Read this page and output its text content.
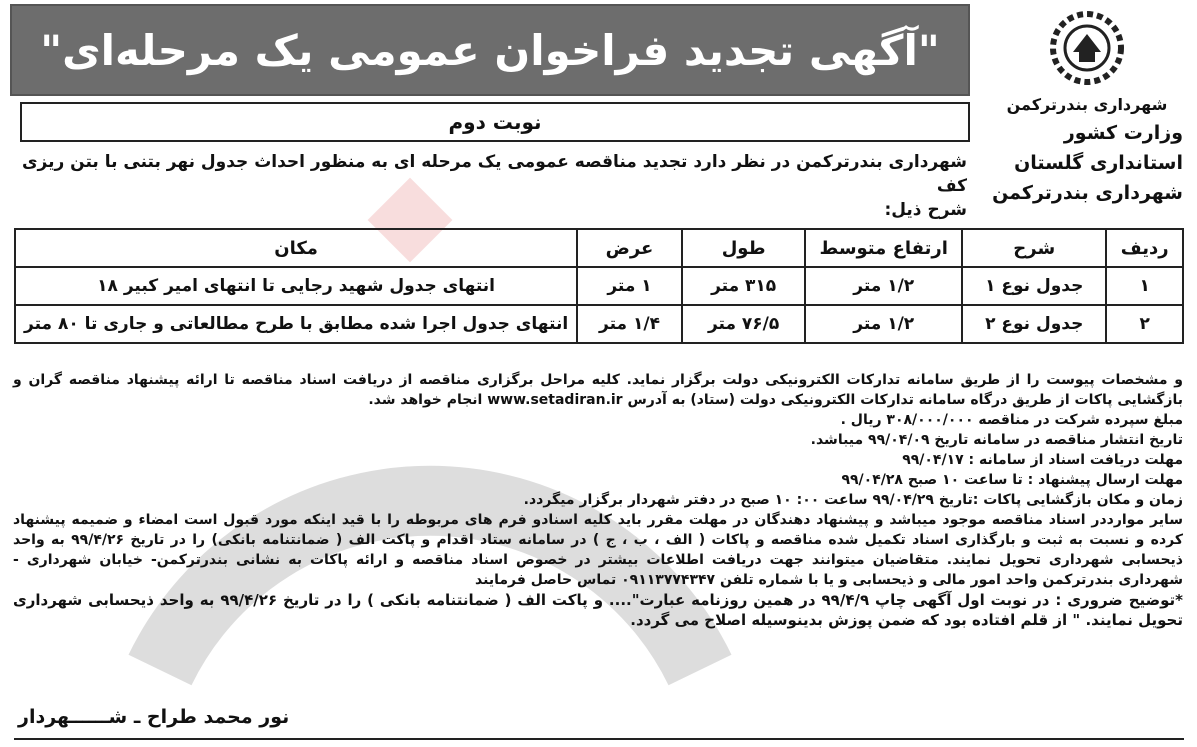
"آگهی تجدید فراخوان عمومی یک مرحله‌ای"
نوبت دوم
شهرداری بندرترکمن
وزارت کشور
استانداری گلستان
شهرداری بندرترکمن
شهرداری بندرترکمن در نظر دارد تجدید مناقصه عمومی یک مرحله ای به منظور احداث جدول نهر بتنی با بتن ریزی کف
شرح ذیل:
ردیف	شرح	ارتفاع متوسط	طول	عرض	مکان
۱	جدول نوع ۱	۱/۲ متر	۳۱۵ متر	۱ متر	انتهای جدول شهید رجایی تا انتهای امیر کبیر ۱۸
۲	جدول نوع ۲	۱/۲ متر	۷۶/۵ متر	۱/۴ متر	انتهای جدول اجرا شده مطابق با طرح مطالعاتی و جاری تا ۸۰ متر

و مشخصات پیوست را از طریق سامانه تدارکات الکترونیکی دولت برگزار نماید. کلیه مراحل برگزاری مناقصه از دریافت اسناد مناقصه تا ارائه پیشنهاد مناقصه گران و بازگشایی پاکات از طریق درگاه سامانه تدارکات الکترونیکی دولت (ستاد) به آدرس www.setadiran.ir انجام خواهد شد.

مبلغ سپرده شرکت در مناقصه ۳۰۸/۰۰۰/۰۰۰ ریال .

تاریخ انتشار مناقصه در سامانه تاریخ ۹۹/۰۴/۰۹ میباشد.

مهلت دریافت اسناد از سامانه : ۹۹/۰۴/۱۷

مهلت ارسال پیشنهاد : تا ساعت ۱۰ صبح ۹۹/۰۴/۲۸

زمان و مکان بازگشایی پاکات :تاریخ ۹۹/۰۴/۲۹ ساعت ۰۰: ۱۰ صبح در دفتر شهردار برگزار میگردد.

سایر موارددر اسناد مناقصه موجود میباشد و پیشنهاد دهندگان در مهلت مقرر باید کلیه اسنادو فرم های مربوطه را با قید اینکه مورد قبول است امضاء و ضمیمه پیشنهاد کرده و نسبت به ثبت و بارگذاری اسناد تکمیل شده مناقصه و پاکات ( الف ، ب ، ج ) در سامانه ستاد اقدام و پاکت الف ( ضمانتنامه بانکی) را در تاریخ ۹۹/۴/۲۶ به واحد ذیحسابی شهرداری تحویل نمایند. متقاضیان میتوانند جهت دریافت اطلاعات بیشتر در خصوص اسناد مناقصه و ارائه پاکات به نشانی بندرترکمن- خیابان شهرداری - شهرداری بندرترکمن واحد امور مالی و ذیحسابی و یا با شماره تلفن ۰۹۱۱۳۷۷۴۳۴۷ تماس حاصل فرمایند

*توضیح ضروری : در نوبت اول آگهی چاپ ۹۹/۴/۹ در همین روزنامه عبارت".... و پاکت الف ( ضمانتنامه بانکی ) را در تاریخ ۹۹/۴/۲۶ به واحد ذیحسابی شهرداری تحویل نمایند. " از قلم افتاده بود که ضمن پوزش بدینوسیله اصلاح می گردد.

نور محمد طراح ـ شــــــهردار
